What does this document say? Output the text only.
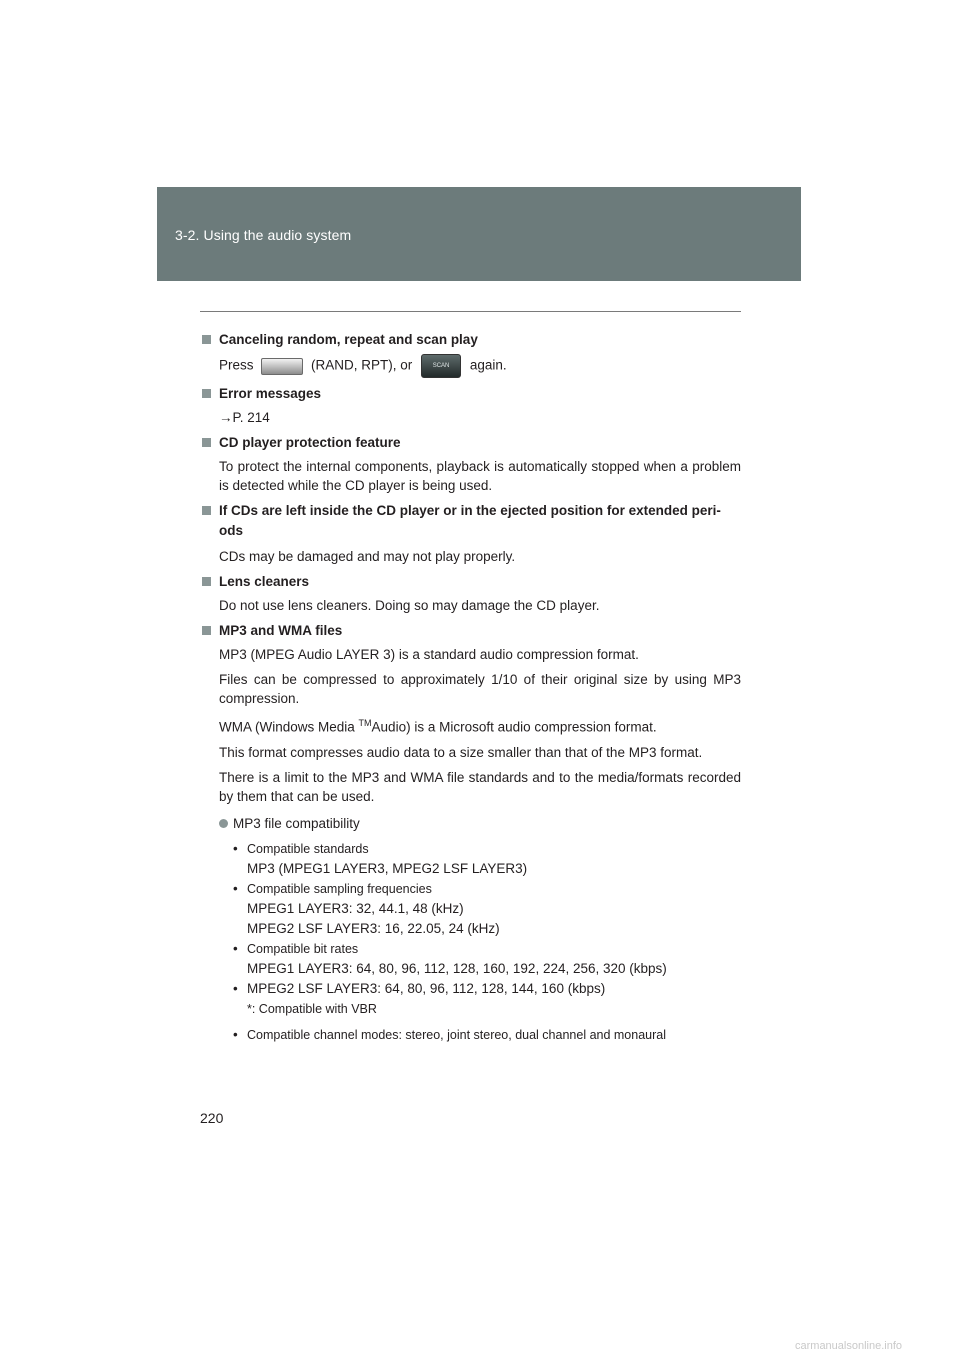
3-2. Using the audio system
Canceling random, repeat and scan play
Press	(RAND, RPT), or	SCAN again.
Error messages
→P. 214
CD player protection feature
To protect the internal components, playback is automatically stopped when a problem is detected while the CD player is being used.
If CDs are left inside the CD player or in the ejected position for extended peri-ods
CDs may be damaged and may not play properly.
Lens cleaners
Do not use lens cleaners. Doing so may damage the CD player.
MP3 and WMA files
MP3 (MPEG Audio LAYER 3) is a standard audio compression format.
Files can be compressed to approximately 1/10 of their original size by using MP3 compression.
WMA (Windows Media ™Audio) is a Microsoft audio compression format.
This format compresses audio data to a size smaller than that of the MP3 format.
There is a limit to the MP3 and WMA file standards and to the media/formats recorded by them that can be used.
MP3 file compatibility
• Compatible standards
MP3 (MPEG1 LAYER3, MPEG2 LSF LAYER3)
• Compatible sampling frequencies
MPEG1 LAYER3: 32, 44.1, 48 (kHz)
MPEG2 LSF LAYER3: 16, 22.05, 24 (kHz)
• Compatible bit rates
MPEG1 LAYER3: 64, 80, 96, 112, 128, 160, 192, 224, 256, 320 (kbps)
• MPEG2 LSF LAYER3: 64, 80, 96, 112, 128, 144, 160 (kbps)
*: Compatible with VBR
• Compatible channel modes: stereo, joint stereo, dual channel and monaural
220
carmanualsonline.info
